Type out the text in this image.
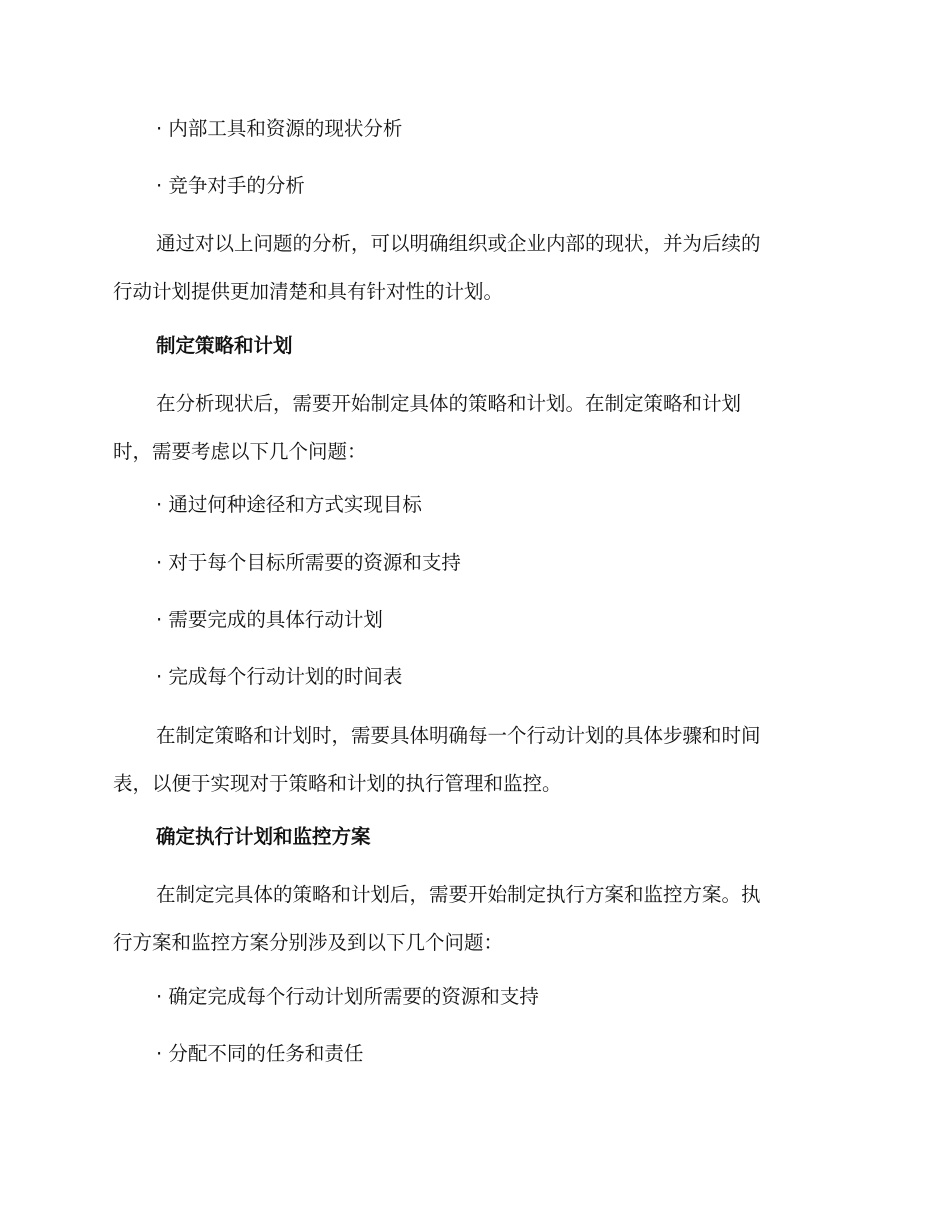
· 内部工具和资源的现状分析
· 竞争对手的分析
通过对以上问题的分析，可以明确组织或企业内部的现状，并为后续的
行动计划提供更加清楚和具有针对性的计划。
制定策略和计划
在分析现状后，需要开始制定具体的策略和计划。在制定策略和计划
时，需要考虑以下几个问题：
· 通过何种途径和方式实现目标
· 对于每个目标所需要的资源和支持
· 需要完成的具体行动计划
· 完成每个行动计划的时间表
在制定策略和计划时，需要具体明确每一个行动计划的具体步骤和时间
表，以便于实现对于策略和计划的执行管理和监控。
确定执行计划和监控方案
在制定完具体的策略和计划后，需要开始制定执行方案和监控方案。执
行方案和监控方案分别涉及到以下几个问题：
· 确定完成每个行动计划所需要的资源和支持
· 分配不同的任务和责任
